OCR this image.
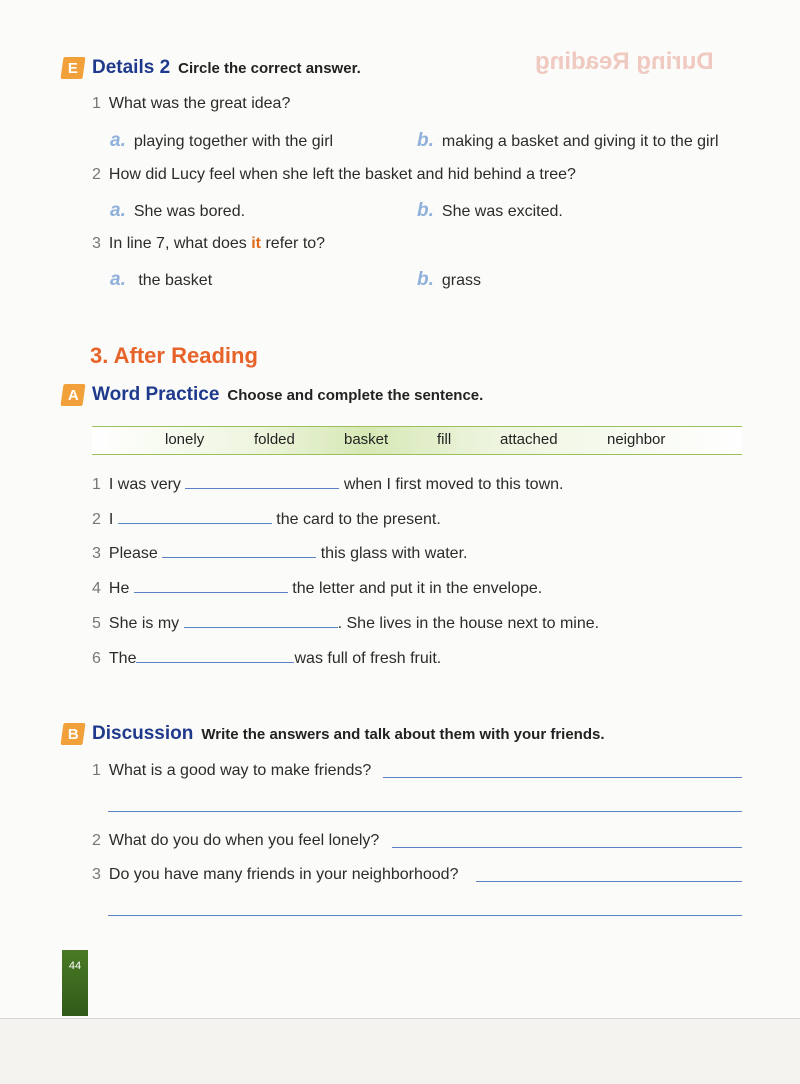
During Reading
E Details 2 Circle the correct answer.
1 What was the great idea?
a. playing together with the girl	b. making a basket and giving it to the girl
2 How did Lucy feel when she left the basket and hid behind a tree?
a. She was bored.	b. She was excited.
3 In line 7, what does it refer to?
a. the basket	b. grass
3. After Reading
A Word Practice Choose and complete the sentence.
lonely	folded	basket	fill	attached	neighbor
1 I was very	when I first moved to this town.
2 I	the card to the present.
3 Please	this glass with water.
4 He	the letter and put it in the envelope.
5 She is my	. She lives in the house next to mine.
6 The	was full of fresh fruit.
B Discussion Write the answers and talk about them with your friends.
1 What is a good way to make friends?
2 What do you do when you feel lonely?
3 Do you have many friends in your neighborhood?
44
